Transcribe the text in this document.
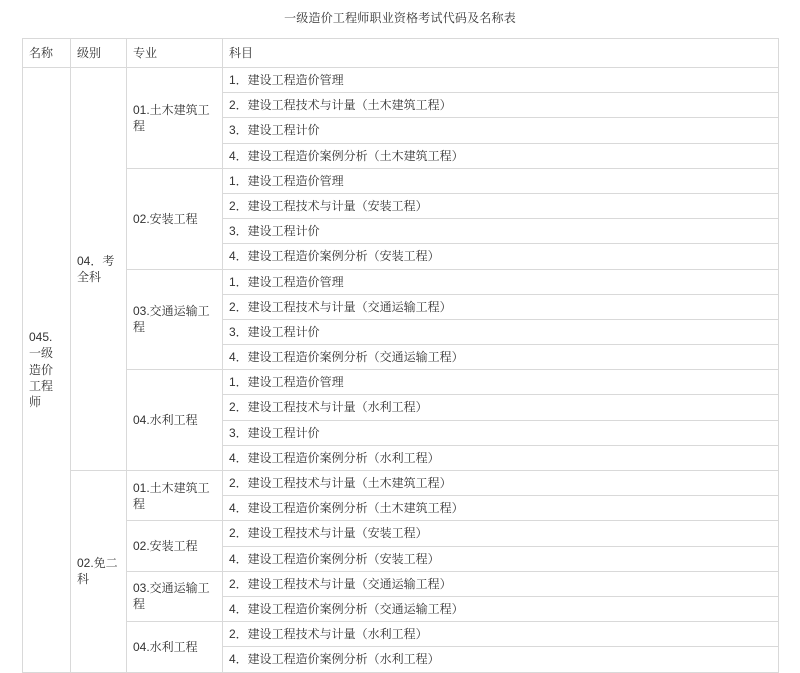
一级造价工程师职业资格考试代码及名称表
名称	级别	专业	科目
045.一级造价工程师	04．考全科	01.土木建筑工程	1．建设工程造价管理
			2．建设工程技术与计量（土木建筑工程）
			3．建设工程计价
			4．建设工程造价案例分析（土木建筑工程）
		02.安装工程	1．建设工程造价管理
			2．建设工程技术与计量（安装工程）
			3．建设工程计价
			4．建设工程造价案例分析（安装工程）
		03.交通运输工程	1．建设工程造价管理
			2．建设工程技术与计量（交通运输工程）
			3．建设工程计价
			4．建设工程造价案例分析（交通运输工程）
		04.水利工程	1．建设工程造价管理
			2．建设工程技术与计量（水利工程）
			3．建设工程计价
			4．建设工程造价案例分析（水利工程）
	02.免二科	01.土木建筑工程	2．建设工程技术与计量（土木建筑工程）
			4．建设工程造价案例分析（土木建筑工程）
		02.安装工程	2．建设工程技术与计量（安装工程）
			4．建设工程造价案例分析（安装工程）
		03.交通运输工程	2．建设工程技术与计量（交通运输工程）
			4．建设工程造价案例分析（交通运输工程）
		04.水利工程	2．建设工程技术与计量（水利工程）
			4．建设工程造价案例分析（水利工程）
